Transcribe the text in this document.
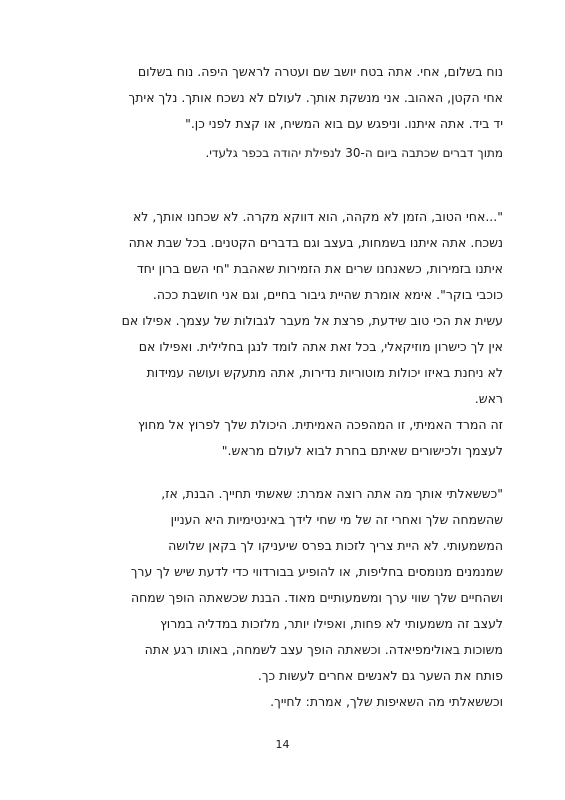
נוח בשלום, אחי. אתה בטח יושב שם ועטרה לראשך היפה. נוח בשלום

אחי הקטן, האהוב. אני מנשקת אותך. לעולם לא נשכח אותך. נלך איתך

יד ביד. אתה איתנו. וניפגש עם בוא המשיח, או קצת לפני כן."

מתוך דברים שכתבה ביום ה-30 לנפילת יהודה בכפר גלעדי.

"...אחי הטוב, הזמן לא מקהה, הוא דווקא מקרה. לא שכחנו אותך, לא

נשכח. אתה איתנו בשמחות, בעצב וגם בדברים הקטנים. בכל שבת אתה

איתנו בזמירות, כשאנחנו שרים את הזמירות שאהבת "חי השם ברון יחד

כוכבי בוקר". אימא אומרת שהיית גיבור בחיים, וגם אני חושבת ככה.

עשית את הכי טוב שידעת, פרצת אל מעבר לגבולות של עצמך. אפילו אם

אין לך כישרון מוזיקאלי, בכל זאת אתה לומד לנגן בחלילית. ואפילו אם

לא ניחנת באיזו יכולות מוטוריות נדירות, אתה מתעקש ועושה עמידות

ראש.

זה המרד האמיתי, זו המהפכה האמיתית. היכולת שלך לפרוץ אל מחוץ

לעצמך ולכישורים שאיתם בחרת לבוא לעולם מראש."

"כששאלתי אותך מה אתה רוצה אמרת: שאשתי תחייך. הבנת, אז,

שהשמחה שלך ואחרי זה של מי שחי לידך באינטימיות היא העניין

המשמעותי. לא היית צריך לזכות בפרס שיעניקו לך בקאן שלושה

שמנמנים מנומסים בחליפות, או להופיע בבורדווי כדי לדעת שיש לך ערך

ושהחיים שלך שווי ערך ומשמעותיים מאוד. הבנת שכשאתה הופך שמחה

לעצב זה משמעותי לא פחות, ואפילו יותר, מלזכות במדליה במרוץ

משוכות באולימפיאדה. וכשאתה הופך עצב לשמחה, באותו רגע אתה

פותח את השער גם לאנשים אחרים לעשות כך.

וכששאלתי מה השאיפות שלך, אמרת: לחייך.

14
